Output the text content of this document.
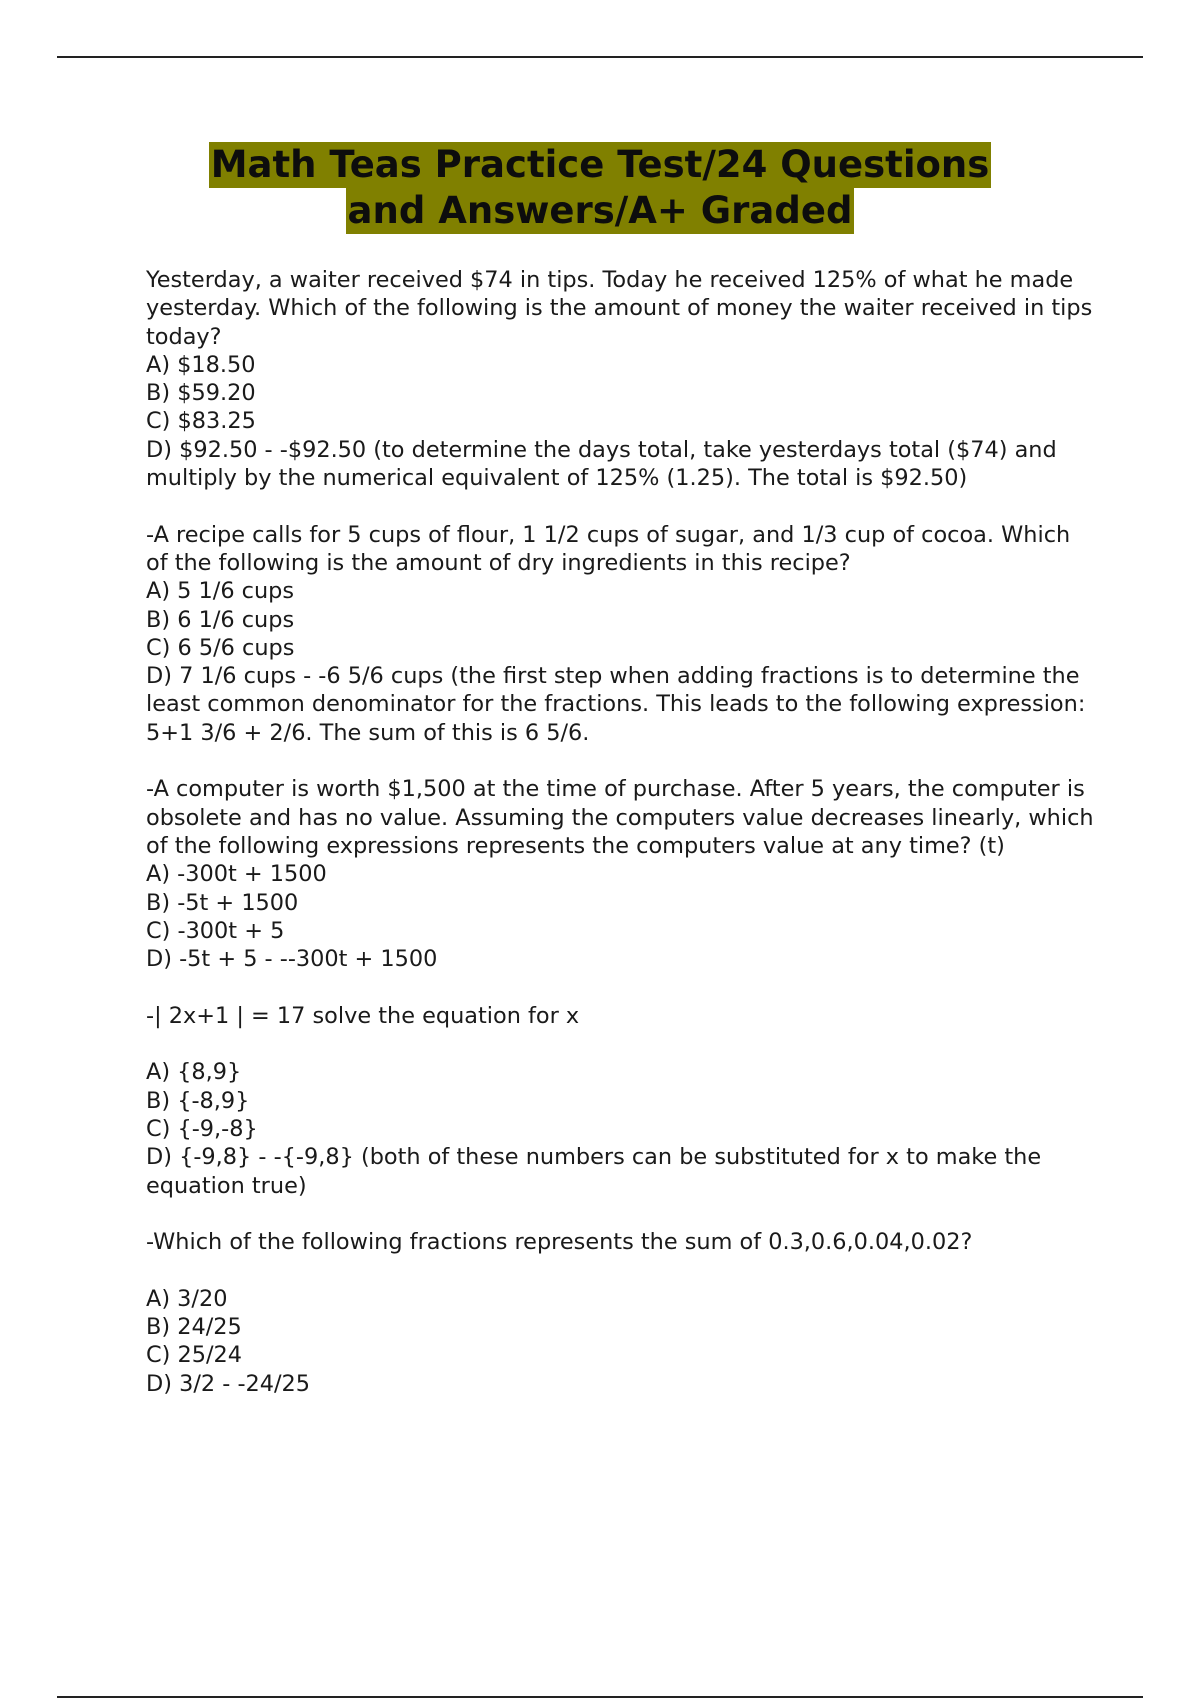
Math Teas Practice Test/24 Questions
and Answers/A+ Graded

Yesterday, a waiter received $74 in tips. Today he received 125% of what he made yesterday. Which of the following is the amount of money the waiter received in tips today?

A) $18.50

B) $59.20

C) $83.25

D) $92.50 - -$92.50 (to determine the days total, take yesterdays total ($74) and multiply by the numerical equivalent of 125% (1.25). The total is $92.50)

-A recipe calls for 5 cups of flour, 1 1/2 cups of sugar, and 1/3 cup of cocoa. Which of the following is the amount of dry ingredients in this recipe?

A) 5 1/6 cups

B) 6 1/6 cups

C) 6 5/6 cups

D) 7 1/6 cups - -6 5/6 cups (the first step when adding fractions is to determine the least common denominator for the fractions. This leads to the following expression: 5+1 3/6 + 2/6. The sum of this is 6 5/6.

-A computer is worth $1,500 at the time of purchase. After 5 years, the computer is obsolete and has no value. Assuming the computers value decreases linearly, which of the following expressions represents the computers value at any time? (t)

A) -300t + 1500

B) -5t + 1500

C) -300t + 5

D) -5t + 5 - --300t + 1500

-| 2x+1 | = 17 solve the equation for x

A) {8,9}

B) {-8,9}

C) {-9,-8}

D) {-9,8} - -{-9,8} (both of these numbers can be substituted for x to make the equation true)

-Which of the following fractions represents the sum of 0.3,0.6,0.04,0.02?

A) 3/20

B) 24/25

C) 25/24

D) 3/2 - -24/25
